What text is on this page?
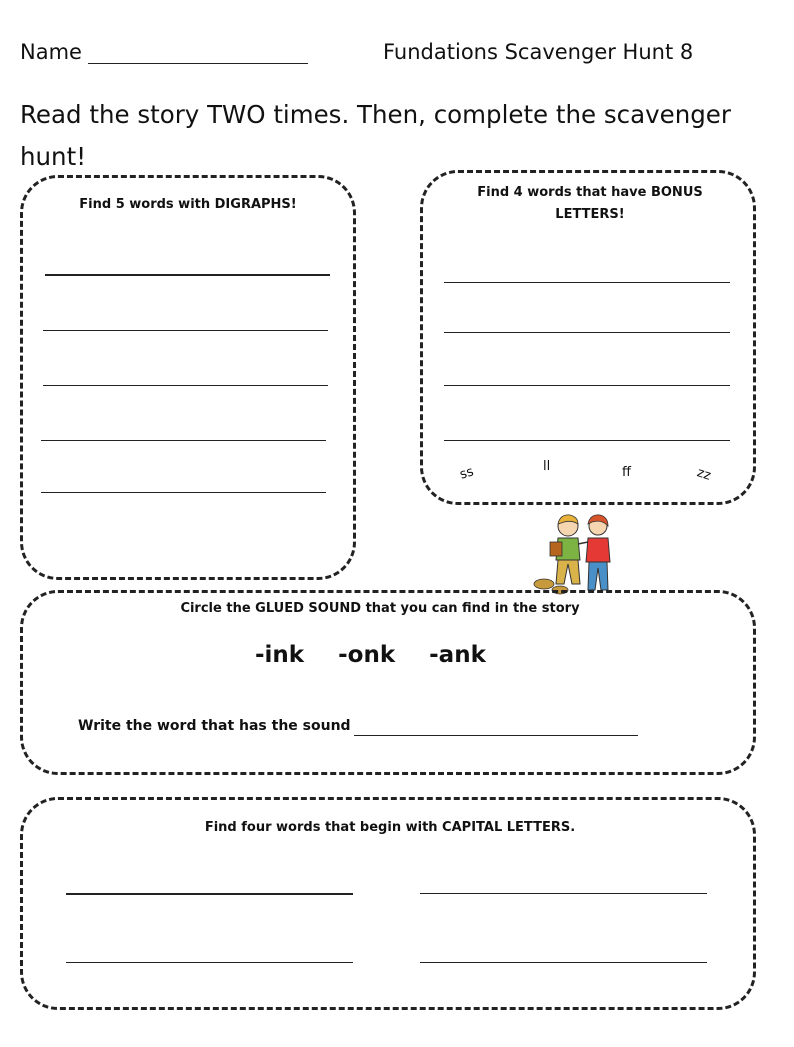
Name	Fundations Scavenger Hunt 8
Read the story TWO times. Then, complete the scavenger hunt!
Find 5 words with DIGRAPHS!
Find 4 words that have BONUS LETTERS!
ss	ll	ff	zz
Circle the GLUED SOUND that you can find in the story
-ink -onk -ank
Write the word that has the sound
Find four words that begin with CAPITAL LETTERS.
